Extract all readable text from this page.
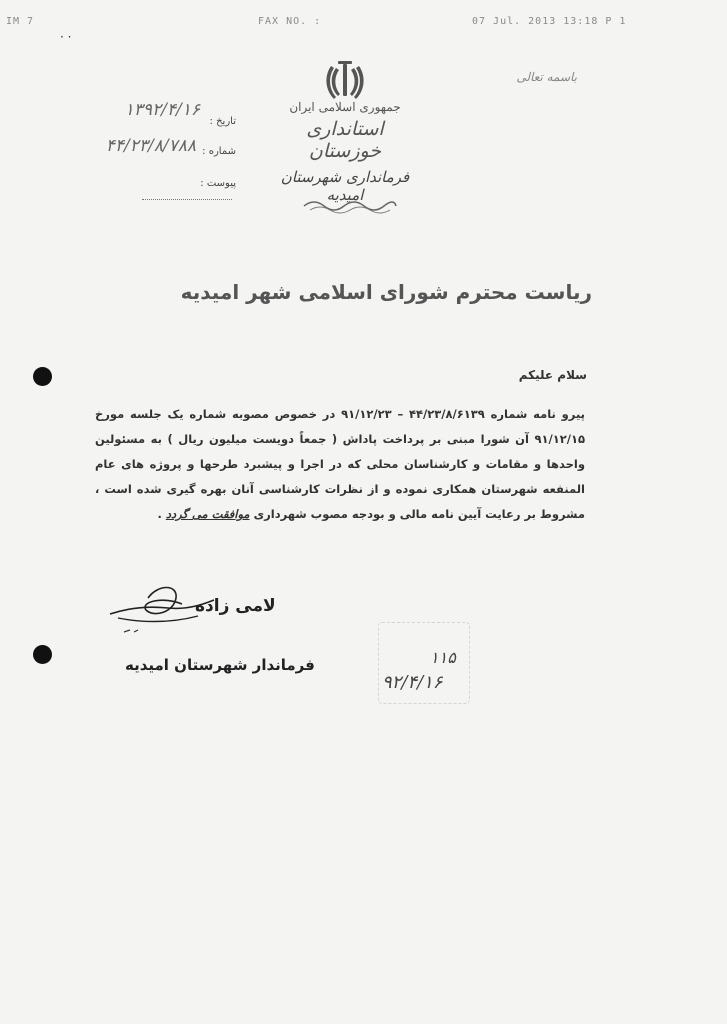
IM 7	FAX NO. :	07 Jul. 2013 13:18 P 1
· ·
باسمه تعالی
جمهوری اسلامی ایران
استانداری خوزستان
فرمانداری شهرستان امیدیه
تاریخ :
۱۳۹۲/۴/۱۶
شماره :
۴۴/۲۳/۸/۷۸۸
پیوست :
ریاست محترم شورای اسلامی شهر امیدیه
سلام علیکم
پیرو نامه شماره ۴۴/۲۳/۸/۶۱۳۹ – ۹۱/۱۲/۲۳ در خصوص مصوبه شماره یک جلسه مورخ ۹۱/۱۲/۱۵ آن شورا مبنی بر پرداخت پاداش ( جمعاً دویست میلیون ریال ) به مسئولین واحدها و مقامات و کارشناسان محلی که در اجرا و پیشبرد طرحها و پروژه های عام المنفعه شهرستان همکاری نموده و از نظرات کارشناسی آنان بهره گیری شده است ، مشروط بر رعایت آیین نامه مالی و بودجه مصوب شهرداری موافقت می گردد .
لامی زاده
فرماندار شهرستان امیدیه	۱۱۵
۹۲/۴/۱۶
